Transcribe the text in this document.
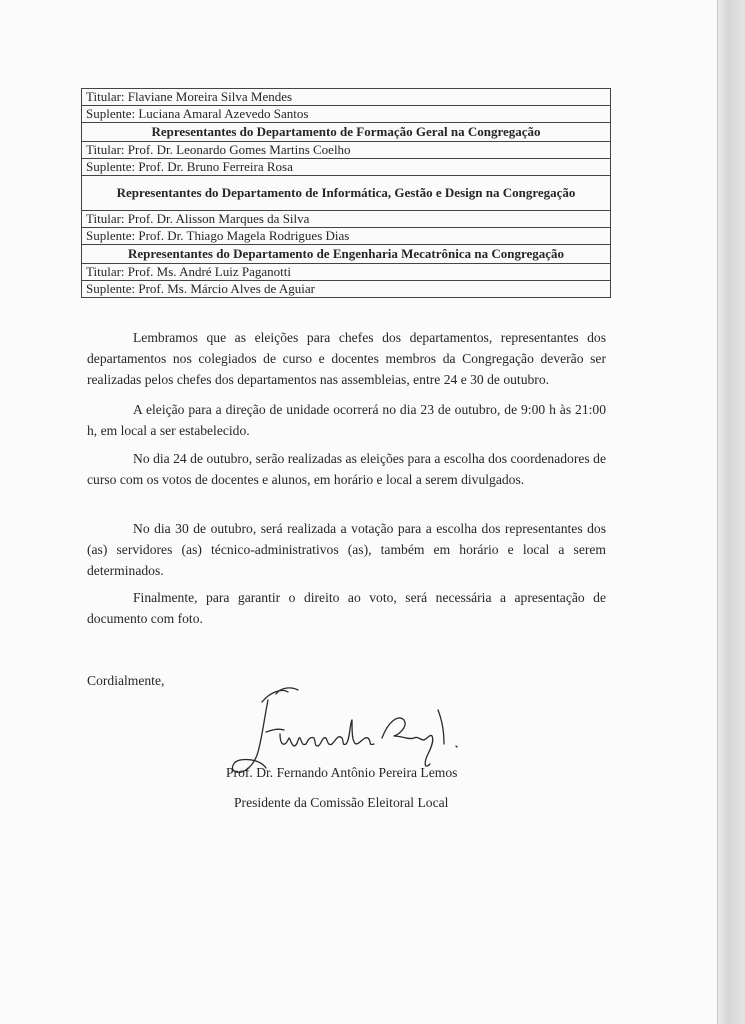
Titular: Flaviane Moreira Silva Mendes
Suplente: Luciana Amaral Azevedo Santos
Representantes do Departamento de Formação Geral na Congregação
Titular: Prof. Dr. Leonardo Gomes Martins Coelho
Suplente: Prof. Dr. Bruno Ferreira Rosa
Representantes do Departamento de Informática, Gestão e Design na Congregação
Titular: Prof. Dr. Alisson Marques da Silva
Suplente: Prof. Dr. Thiago Magela Rodrigues Dias
Representantes do Departamento de Engenharia Mecatrônica na Congregação
Titular: Prof. Ms. André Luiz Paganotti
Suplente: Prof. Ms. Márcio Alves de Aguiar

Lembramos que as eleições para chefes dos departamentos, representantes dos departamentos nos colegiados de curso e docentes membros da Congregação deverão ser realizadas pelos chefes dos departamentos nas assembleias, entre 24 e 30 de outubro.

A eleição para a direção de unidade ocorrerá no dia 23 de outubro, de 9:00 h às 21:00 h, em local a ser estabelecido.

No dia 24 de outubro, serão realizadas as eleições para a escolha dos coordenadores de curso com os votos de docentes e alunos, em horário e local a serem divulgados.

No dia 30 de outubro, será realizada a votação para a escolha dos representantes dos (as) servidores (as) técnico-administrativos (as), também em horário e local a serem determinados.

Finalmente, para garantir o direito ao voto, será necessária a apresentação de documento com foto.

Cordialmente,
Prof. Dr. Fernando Antônio Pereira Lemos
Presidente da Comissão Eleitoral Local
